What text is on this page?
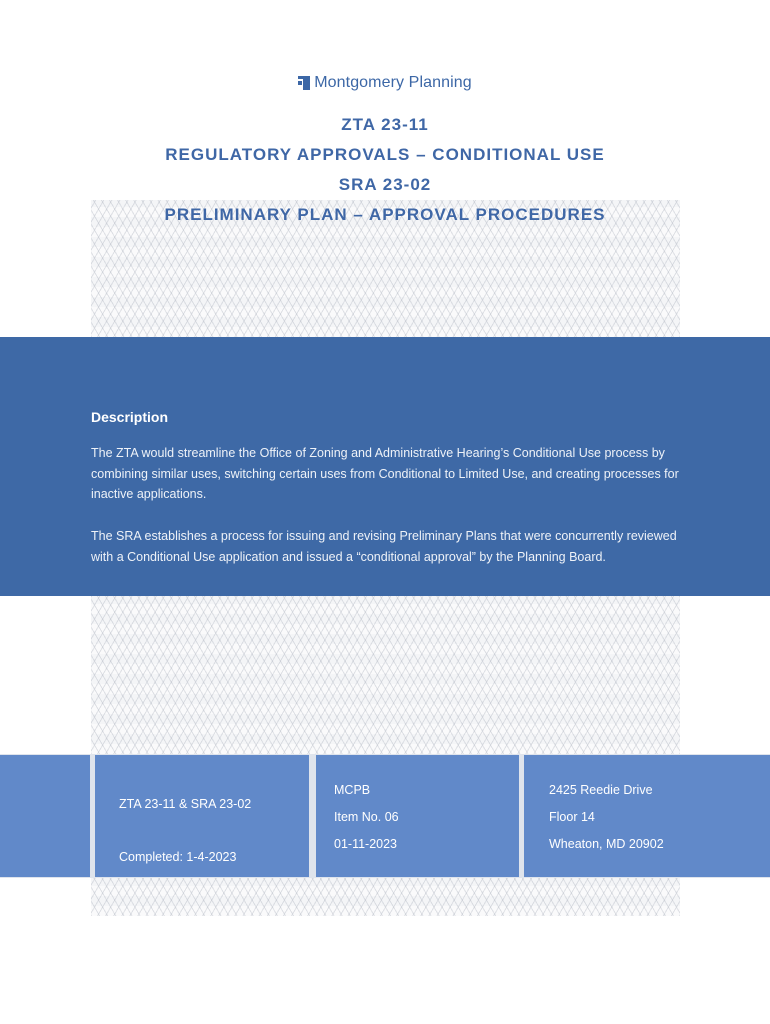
Montgomery Planning
ZTA 23-11
REGULATORY APPROVALS – CONDITIONAL USE
SRA 23-02
PRELIMINARY PLAN – APPROVAL PROCEDURES
Description

The ZTA would streamline the Office of Zoning and Administrative Hearing’s Conditional Use process by combining similar uses, switching certain uses from Conditional to Limited Use, and creating processes for inactive applications.

The SRA establishes a process for issuing and revising Preliminary Plans that were concurrently reviewed with a Conditional Use application and issued a “conditional approval” by the Planning Board.

ZTA 23-11 & SRA 23-02
Completed: 1-4-2023
MCPB
Item No. 06
01-11-2023
2425 Reedie Drive
Floor 14
Wheaton, MD 20902
